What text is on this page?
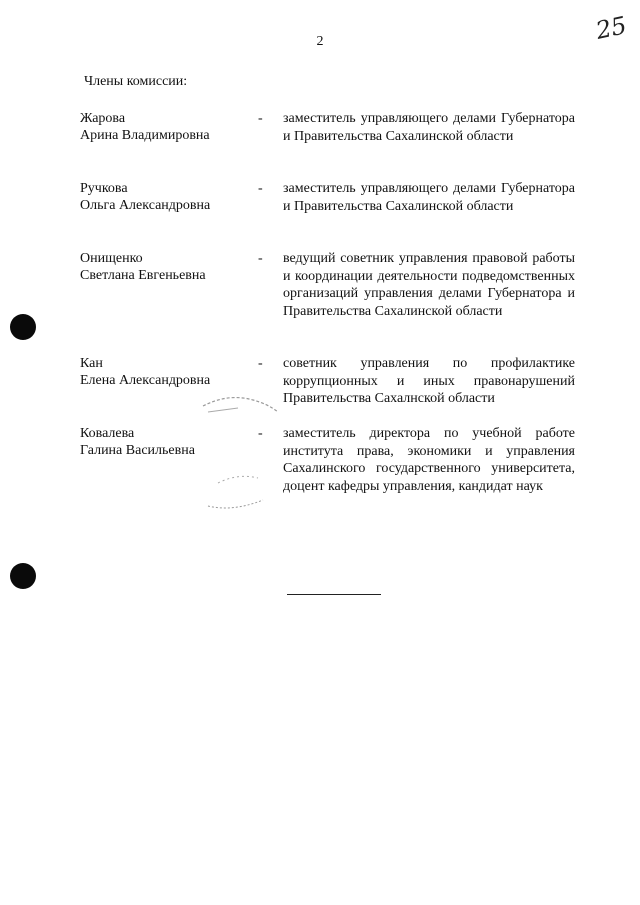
25
2
Члены комиссии:
Жарова
Арина Владимировна
- заместитель управляющего делами Губернатора и Правительства Сахалинской области
Ручкова
Ольга Александровна
- заместитель управляющего делами Губернатора и Правительства Сахалинской области
Онищенко
Светлана Евгеньевна
- ведущий советник управления правовой работы и координации деятельности подведомственных организаций управления делами Губернатора и Правительства Сахалинской области
Кан
Елена Александровна
- советник управления по профилактике коррупционных и иных правонарушений Правительства Сахалнской области
Ковалева
Галина Васильевна
- заместитель директора по учебной работе института права, экономики и управления Сахалинского государственного университета, доцент кафедры управления, кандидат наук
